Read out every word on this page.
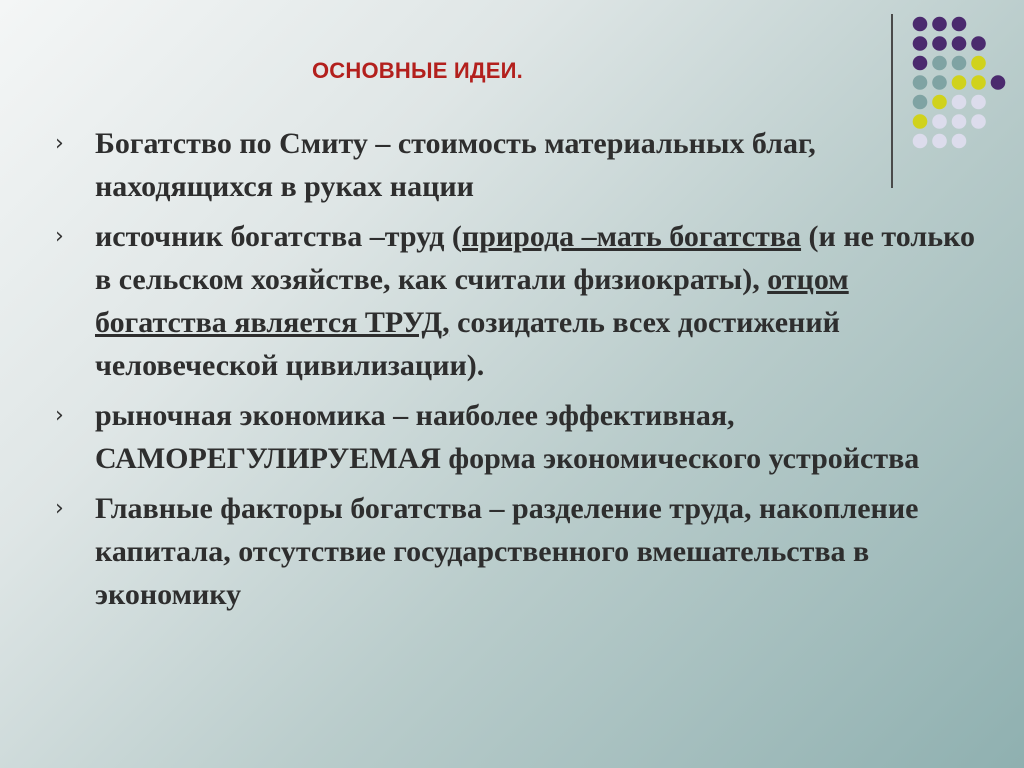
ОСНОВНЫЕ ИДЕИ.
›	Богатство по Смиту – стоимость материальных благ, находящихся в руках нации
›	источник богатства –труд (природа –мать богатства (и не только в сельском хозяйстве, как считали физиократы), отцом богатства является ТРУД, созидатель всех достижений человеческой цивилизации).
›	рыночная экономика – наиболее эффективная, САМОРЕГУЛИРУЕМАЯ форма экономического устройства
›	Главные факторы богатства – разделение труда, накопление капитала, отсутствие государственного вмешательства в экономику
